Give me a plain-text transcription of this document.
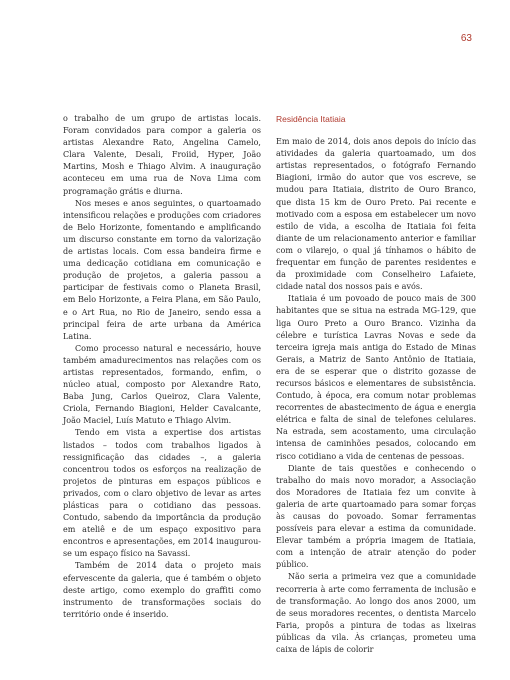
63

o trabalho de um grupo de artistas locais. Foram convidados para compor a galeria os artistas Alexandre Rato, Angelina Camelo, Clara Valente, Desali, Froiid, Hyper, João Martins, Mosh e Thiago Alvim. A inauguração aconteceu em uma rua de Nova Lima com programação grátis e diurna.

Nos meses e anos seguintes, o quartoamado intensificou relações e produções com criadores de Belo Horizonte, fomentando e amplificando um discurso constante em torno da valorização de artistas locais. Com essa bandeira firme e uma dedicação cotidiana em comunicação e produção de projetos, a galeria passou a participar de festivais como o Planeta Brasil, em Belo Horizonte, a Feira Plana, em São Paulo, e o Art Rua, no Rio de Janeiro, sendo essa a principal feira de arte urbana da América Latina.

Como processo natural e necessário, houve também amadurecimentos nas relações com os artistas representados, formando, enfim, o núcleo atual, composto por Alexandre Rato, Baba Jung, Carlos Queiroz, Clara Valente, Criola, Fernando Biagioni, Helder Cavalcante, João Maciel, Luís Matuto e Thiago Alvim.

Tendo em vista a expertise dos artistas listados – todos com trabalhos ligados à ressignificação das cidades –, a galeria concentrou todos os esforços na realização de projetos de pinturas em espaços públicos e privados, com o claro objetivo de levar as artes plásticas para o cotidiano das pessoas. Contudo, sabendo da importância da produção em ateliê e de um espaço expositivo para encontros e apresentações, em 2014 inaugurou-se um espaço físico na Savassi.

Também de 2014 data o projeto mais efervescente da galeria, que é também o objeto deste artigo, como exemplo do graffiti como instrumento de transformações sociais do território onde é inserido.

Residência Itatiaia

Em maio de 2014, dois anos depois do início das atividades da galeria quartoamado, um dos artistas representados, o fotógrafo Fernando Biagioni, irmão do autor que vos escreve, se mudou para Itatiaia, distrito de Ouro Branco, que dista 15 km de Ouro Preto. Pai recente e motivado com a esposa em estabelecer um novo estilo de vida, a escolha de Itatiaia foi feita diante de um relacionamento anterior e familiar com o vilarejo, o qual já tínhamos o hábito de frequentar em função de parentes residentes e da proximidade com Conselheiro Lafaiete, cidade natal dos nossos pais e avós.

Itatiaia é um povoado de pouco mais de 300 habitantes que se situa na estrada MG-129, que liga Ouro Preto a Ouro Branco. Vizinha da célebre e turística Lavras Novas e sede da terceira igreja mais antiga do Estado de Minas Gerais, a Matriz de Santo Antônio de Itatiaia, era de se esperar que o distrito gozasse de recursos básicos e elementares de subsistência. Contudo, à época, era comum notar problemas recorrentes de abastecimento de água e energia elétrica e falta de sinal de telefones celulares. Na estrada, sem acostamento, uma circulação intensa de caminhões pesados, colocando em risco cotidiano a vida de centenas de pessoas.

Diante de tais questões e conhecendo o trabalho do mais novo morador, a Associação dos Moradores de Itatiaia fez um convite à galeria de arte quartoamado para somar forças às causas do povoado. Somar ferramentas possíveis para elevar a estima da comunidade. Elevar também a própria imagem de Itatiaia, com a intenção de atrair atenção do poder público.

Não seria a primeira vez que a comunidade recorreria à arte como ferramenta de inclusão e de transformação. Ao longo dos anos 2000, um de seus moradores recentes, o dentista Marcelo Faria, propôs a pintura de todas as lixeiras públicas da vila. Às crianças, prometeu uma caixa de lápis de colorir
